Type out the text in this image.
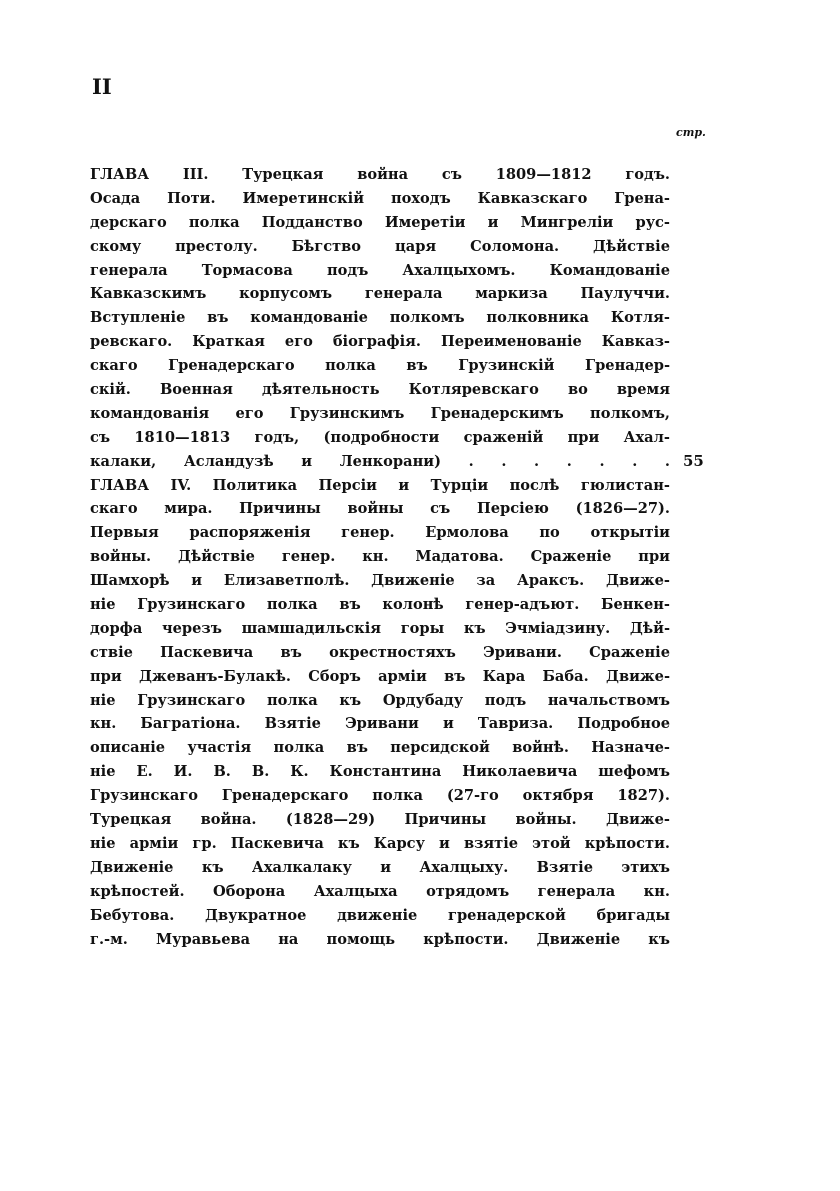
II
стр.
ГЛАВА III. Турецкая война съ 1809—1812 годъ.
Осада Поти. Имеретинскій походъ Кавказскаго Грена-
дерскаго полка Подданство Имеретіи и Мингреліи рус-
скому престолу. Бѣгство царя Соломона. Дѣйствіе
генерала Тормасова подъ Ахалцыхомъ. Командованіе
Кавказскимъ корпусомъ генерала маркиза Паулуччи.
Вступленіе въ командованіе полкомъ полковника Котля-
ревскаго. Краткая его біографія. Переименованіе Кавказ-
скаго Гренадерскаго полка въ Грузинскій Гренадер-
скій. Военная дѣятельность Котляревскаго во время
командованія его Грузинскимъ Гренадерскимъ полкомъ,
съ 1810—1813 годъ, (подробности сраженій при Ахал-
калаки, Асландузѣ и Ленкорани) . . . . . . . 55
ГЛАВА IV. Политика Персіи и Турціи послѣ гюлистан-
скаго мира. Причины войны съ Персіею (1826—27).
Первыя распоряженія генер. Ермолова по открытіи
войны. Дѣйствіе генер. кн. Мадатова. Сраженіе при
Шамхорѣ и Елизаветполѣ. Движеніе за Араксъ. Движе-
ніе Грузинскаго полка въ колонѣ генер-адъют. Бенкен-
дорфа черезъ шамшадильскія горы къ Эчміадзину. Дѣй-
ствіе Паскевича въ окрестностяхъ Эривани. Сраженіе
при Джеванъ-Булакѣ. Сборъ арміи въ Кара Баба. Движе-
ніе Грузинскаго полка къ Ордубаду подъ начальствомъ
кн. Багратіона. Взятіе Эривани и Тавриза. Подробное
описаніе участія полка въ персидской войнѣ. Назначе-
ніе Е. И. В. В. К. Константина Николаевича шефомъ
Грузинскаго Гренадерскаго полка (27-го октября 1827).
Турецкая война. (1828—29) Причины войны. Движе-
ніе арміи гр. Паскевича къ Карсу и взятіе этой крѣпости.
Движеніе къ Ахалкалаку и Ахалцыху. Взятіе этихъ
крѣпостей. Оборона Ахалцыха отрядомъ генерала кн.
Бебутова. Двукратное движеніе гренадерской бригады
г.-м. Муравьева на помощь крѣпости. Движеніе къ
